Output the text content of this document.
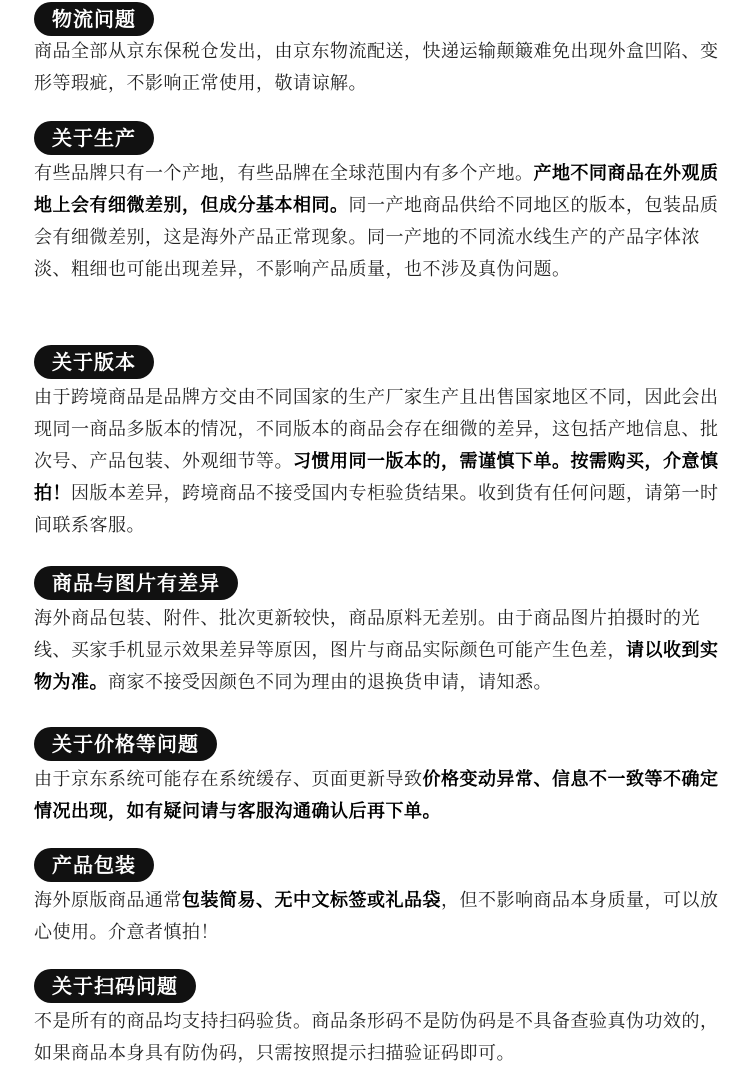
物流问题
商品全部从京东保税仓发出，由京东物流配送，快递运输颠簸难免出现外盒凹陷、变形等瑕疵，不影响正常使用，敬请谅解。
关于生产
有些品牌只有一个产地，有些品牌在全球范围内有多个产地。产地不同商品在外观质地上会有细微差别，但成分基本相同。同一产地商品供给不同地区的版本，包装品质会有细微差别，这是海外产品正常现象。同一产地的不同流水线生产的产品字体浓淡、粗细也可能出现差异，不影响产品质量，也不涉及真伪问题。
关于版本
由于跨境商品是品牌方交由不同国家的生产厂家生产且出售国家地区不同，因此会出现同一商品多版本的情况，不同版本的商品会存在细微的差异，这包括产地信息、批次号、产品包装、外观细节等。习惯用同一版本的，需谨慎下单。按需购买，介意慎拍！因版本差异，跨境商品不接受国内专柜验货结果。收到货有任何问题，请第一时间联系客服。
商品与图片有差异
海外商品包装、附件、批次更新较快，商品原料无差别。由于商品图片拍摄时的光线、买家手机显示效果差异等原因，图片与商品实际颜色可能产生色差，请以收到实物为准。商家不接受因颜色不同为理由的退换货申请，请知悉。
关于价格等问题
由于京东系统可能存在系统缓存、页面更新导致价格变动异常、信息不一致等不确定情况出现，如有疑问请与客服沟通确认后再下单。
产品包装
海外原版商品通常包装简易、无中文标签或礼品袋，但不影响商品本身质量，可以放心使用。介意者慎拍！
关于扫码问题
不是所有的商品均支持扫码验货。商品条形码不是防伪码是不具备查验真伪功效的，如果商品本身具有防伪码，只需按照提示扫描验证码即可。
